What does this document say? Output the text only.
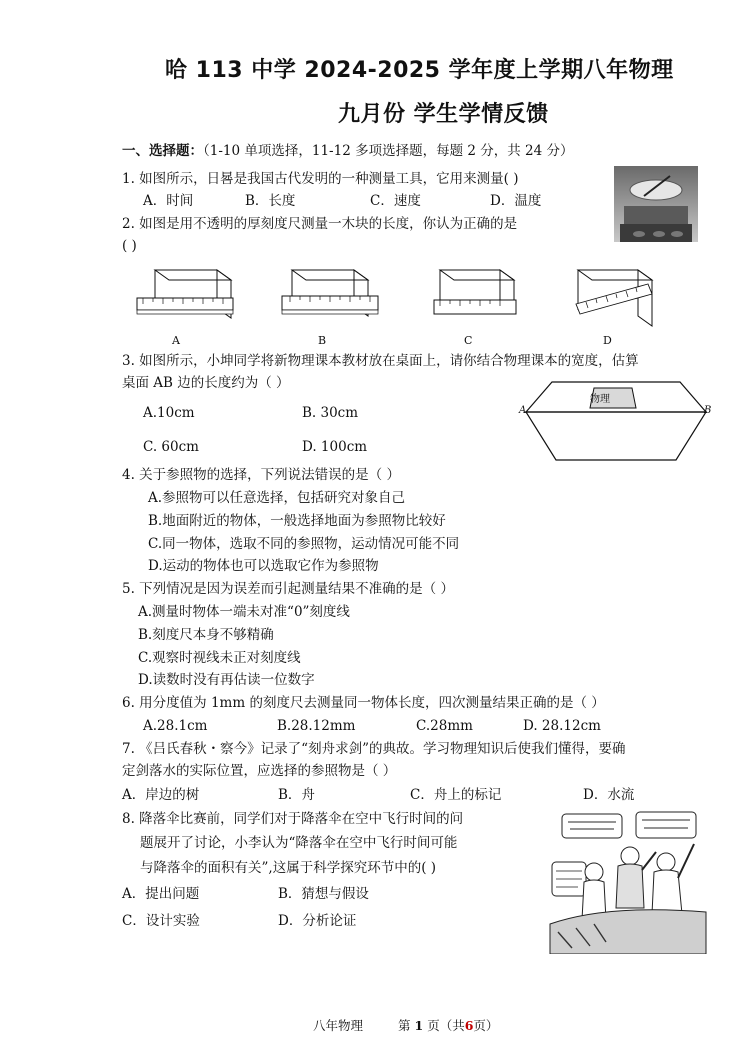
哈 113 中学 2024-2025 学年度上学期八年物理
九月份 学生学情反馈
一、选择题：（1-10 单项选择，11-12 多项选择题，每题 2 分，共 24 分）
1. 如图所示，日晷是我国古代发明的一种测量工具，它用来测量( )
A．时间	B．长度	C．速度	D．温度
2. 如图是用不透明的厚刻度尺测量一木块的长度，你认为正确的是
( )
A	B	C	D
3. 如图所示，小坤同学将新物理课本教材放在桌面上，请你结合物理课本的宽度，估算
桌面 AB 边的长度约为（ ）
A.10cm	B. 30cm
C. 60cm	D. 100cm
物理
A	B
4. 关于参照物的选择，下列说法错误的是（ ）
A.参照物可以任意选择，包括研究对象自己
B.地面附近的物体，一般选择地面为参照物比较好
C.同一物体，选取不同的参照物，运动情况可能不同
D.运动的物体也可以选取它作为参照物
5. 下列情况是因为误差而引起测量结果不准确的是（ ）
A.测量时物体一端未对准“0”刻度线
B.刻度尺本身不够精确
C.观察时视线未正对刻度线
D.读数时没有再估读一位数字
6. 用分度值为 1mm 的刻度尺去测量同一物体长度，四次测量结果正确的是（ ）
A.28.1cm	B.28.12mm	C.28mm	D. 28.12cm
7. 《吕氏春秋・察今》记录了“刻舟求剑”的典故。学习物理知识后使我们懂得，要确
定剑落水的实际位置，应选择的参照物是（ ）
A．岸边的树	B．舟	C．舟上的标记	D．水流
8. 降落伞比赛前，同学们对于降落伞在空中飞行时间的问
题展开了讨论，小李认为“降落伞在空中飞行时间可能
与降落伞的面积有关”,这属于科学探究环节中的( )
A．提出问题	B．猜想与假设
C．设计实验	D．分析论证
八年物理	第 1 页（共6页）
